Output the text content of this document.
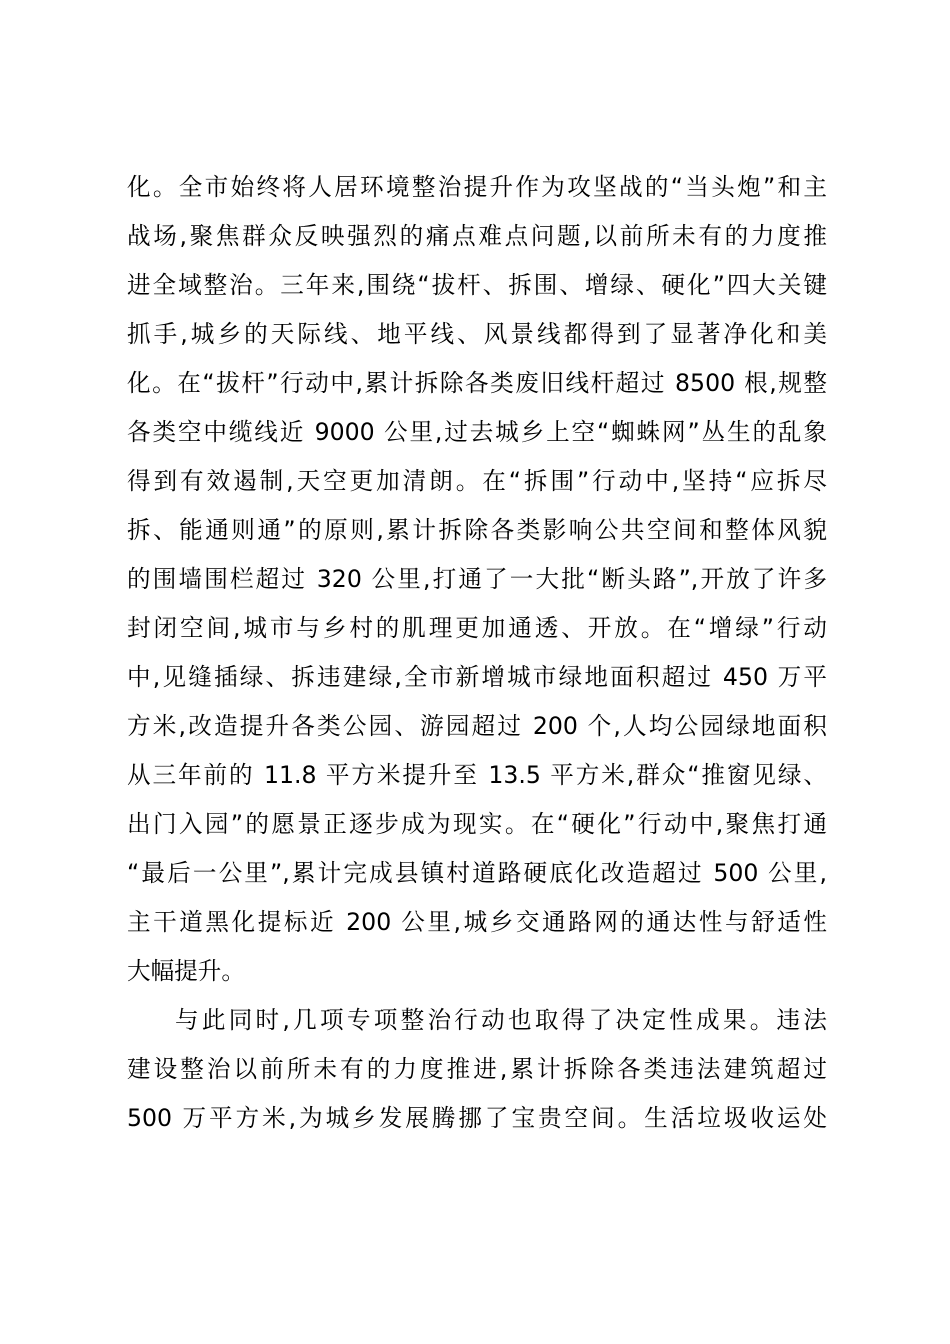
化。全市始终将人居环境整治提升作为攻坚战的“当头炮”和主
战场,聚焦群众反映强烈的痛点难点问题,以前所未有的力度推
进全域整治。三年来,围绕“拔杆、拆围、增绿、硬化”四大关键
抓手,城乡的天际线、地平线、风景线都得到了显著净化和美
化。在“拔杆”行动中,累计拆除各类废旧线杆超过 8500 根,规整
各类空中缆线近 9000 公里,过去城乡上空“蜘蛛网”丛生的乱象
得到有效遏制,天空更加清朗。在“拆围”行动中,坚持“应拆尽
拆、能通则通”的原则,累计拆除各类影响公共空间和整体风貌
的围墙围栏超过 320 公里,打通了一大批“断头路”,开放了许多
封闭空间,城市与乡村的肌理更加通透、开放。在“增绿”行动
中,见缝插绿、拆违建绿,全市新增城市绿地面积超过 450 万平
方米,改造提升各类公园、游园超过 200 个,人均公园绿地面积
从三年前的 11.8 平方米提升至 13.5 平方米,群众“推窗见绿、
出门入园”的愿景正逐步成为现实。在“硬化”行动中,聚焦打通
“最后一公里”,累计完成县镇村道路硬底化改造超过 500 公里,
主干道黑化提标近 200 公里,城乡交通路网的通达性与舒适性
大幅提升。
与此同时,几项专项整治行动也取得了决定性成果。违法
建设整治以前所未有的力度推进,累计拆除各类违法建筑超过
500 万平方米,为城乡发展腾挪了宝贵空间。生活垃圾收运处
